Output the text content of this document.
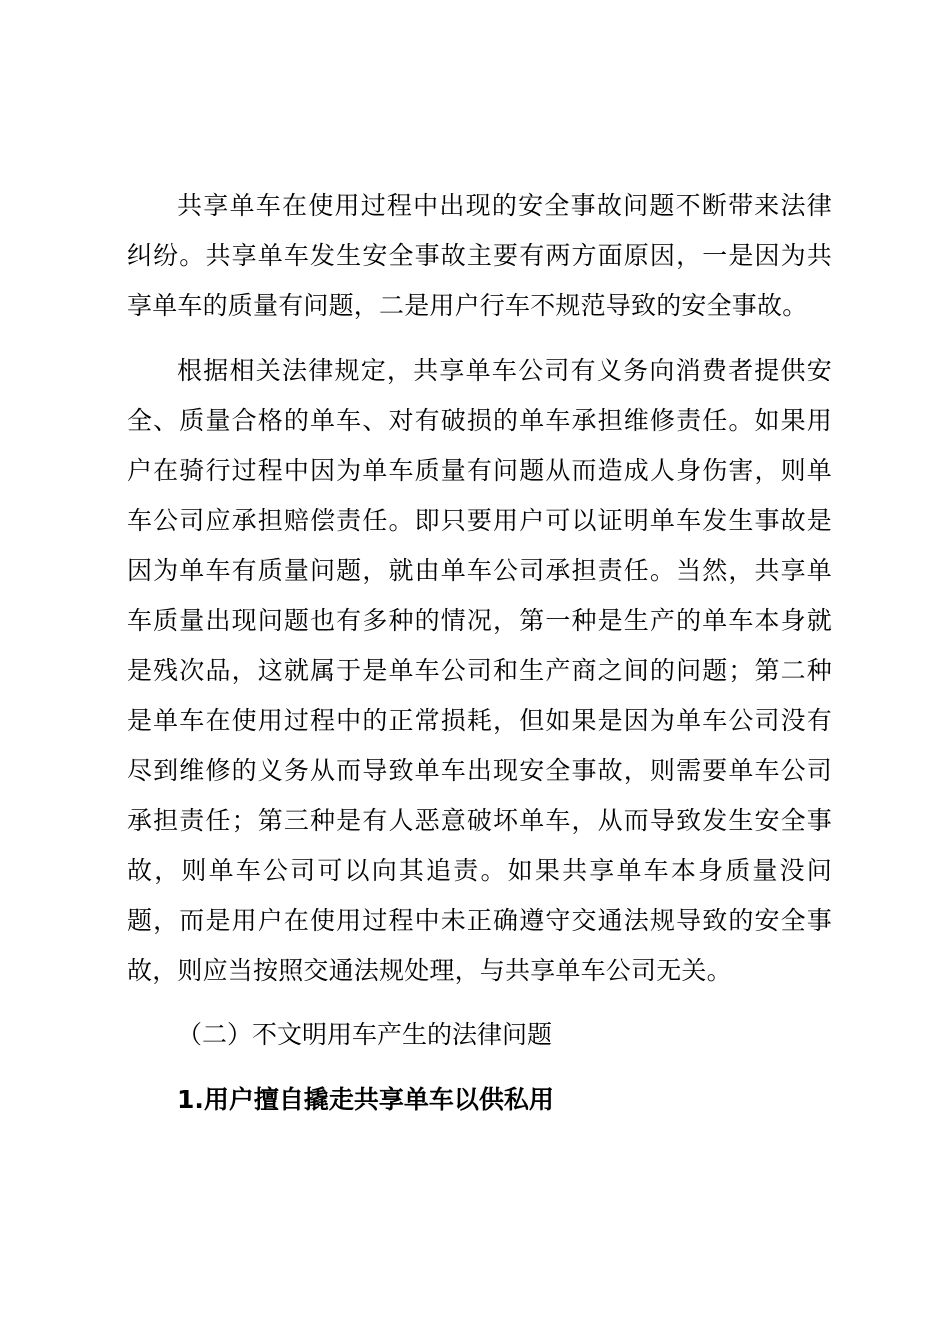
共享单车在使用过程中出现的安全事故问题不断带来法律纠纷。共享单车发生安全事故主要有两方面原因，一是因为共享单车的质量有问题，二是用户行车不规范导致的安全事故。

根据相关法律规定，共享单车公司有义务向消费者提供安全、质量合格的单车、对有破损的单车承担维修责任。如果用户在骑行过程中因为单车质量有问题从而造成人身伤害，则单车公司应承担赔偿责任。即只要用户可以证明单车发生事故是因为单车有质量问题，就由单车公司承担责任。当然，共享单车质量出现问题也有多种的情况，第一种是生产的单车本身就是残次品，这就属于是单车公司和生产商之间的问题；第二种是单车在使用过程中的正常损耗，但如果是因为单车公司没有尽到维修的义务从而导致单车出现安全事故，则需要单车公司承担责任；第三种是有人恶意破坏单车，从而导致发生安全事故，则单车公司可以向其追责。如果共享单车本身质量没问题，而是用户在使用过程中未正确遵守交通法规导致的安全事故，则应当按照交通法规处理，与共享单车公司无关。

（二）不文明用车产生的法律问题

1.用户擅自撬走共享单车以供私用
